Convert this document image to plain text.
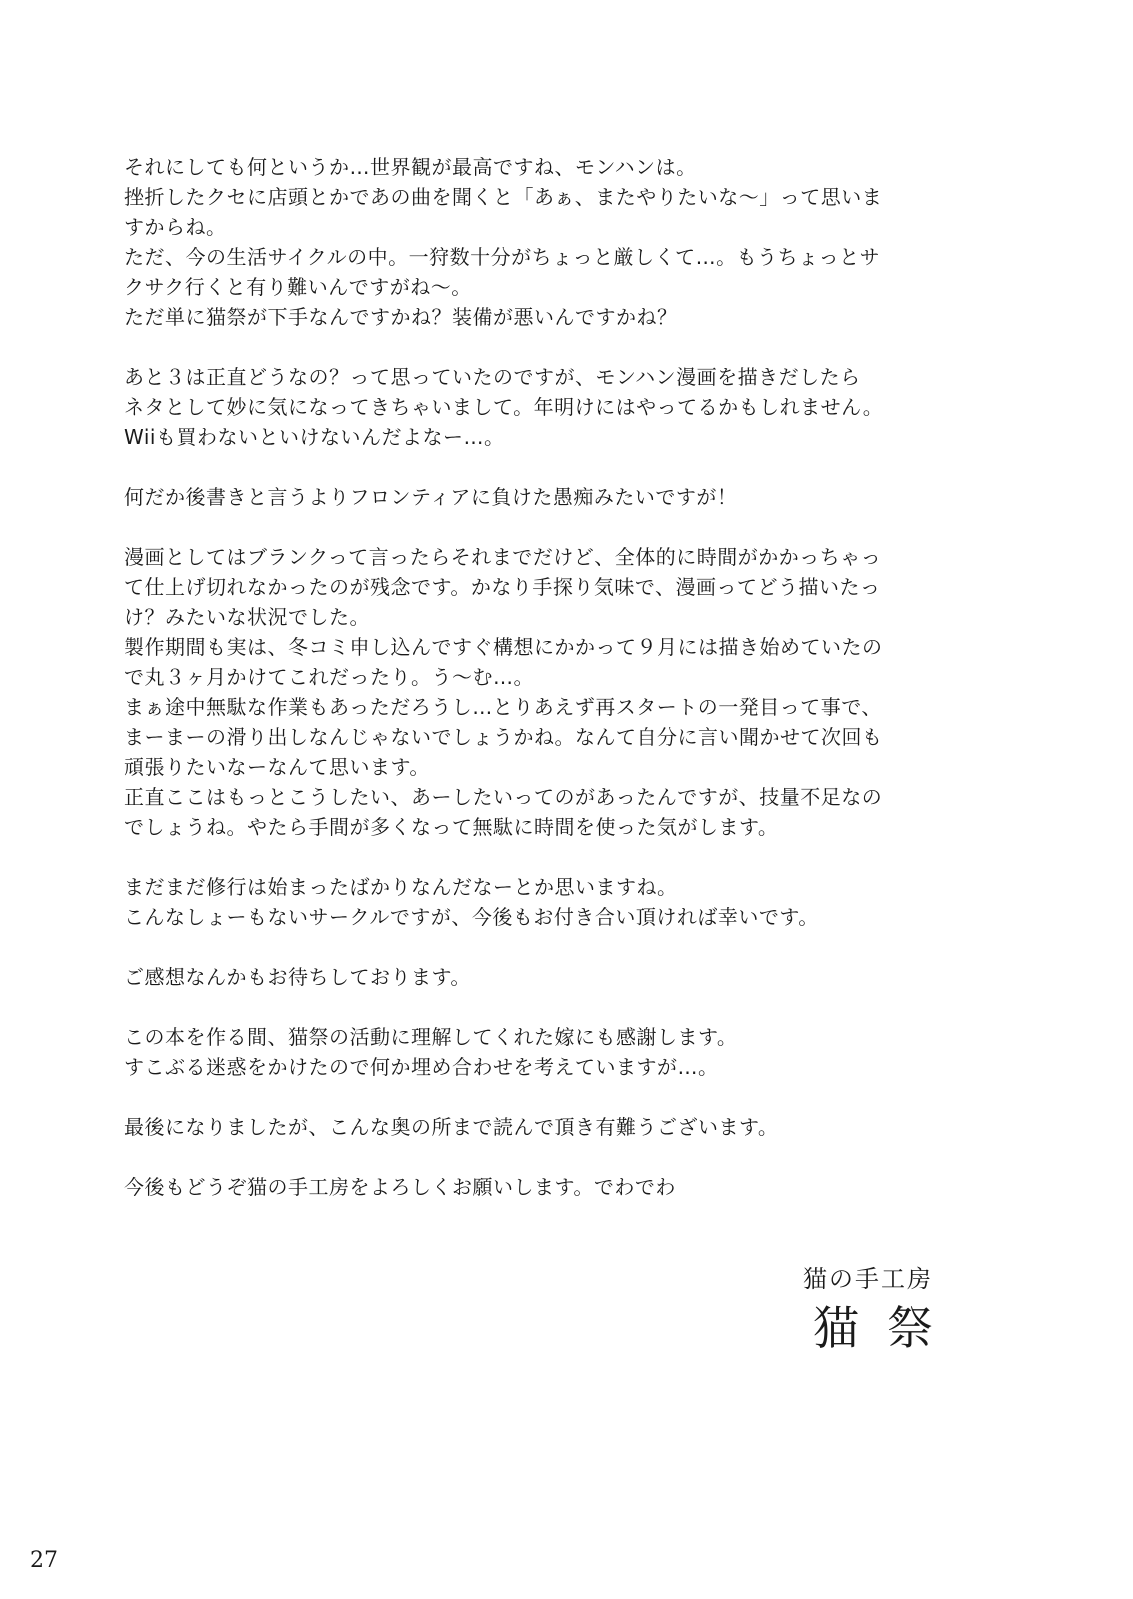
それにしても何というか…世界観が最高ですね、モンハンは。
挫折したクセに店頭とかであの曲を聞くと「あぁ、またやりたいな～」って思いま
すからね。
ただ、今の生活サイクルの中。一狩数十分がちょっと厳しくて…。もうちょっとサ
クサク行くと有り難いんですがね～。
ただ単に猫祭が下手なんですかね？装備が悪いんですかね？
あと３は正直どうなの？って思っていたのですが、モンハン漫画を描きだしたら
ネタとして妙に気になってきちゃいまして。年明けにはやってるかもしれません。
Wiiも買わないといけないんだよなー…。
何だか後書きと言うよりフロンティアに負けた愚痴みたいですが！
漫画としてはブランクって言ったらそれまでだけど、全体的に時間がかかっちゃっ
て仕上げ切れなかったのが残念です。かなり手探り気味で、漫画ってどう描いたっ
け？みたいな状況でした。
製作期間も実は、冬コミ申し込んですぐ構想にかかって９月には描き始めていたの
で丸３ヶ月かけてこれだったり。う～む…。
まぁ途中無駄な作業もあっただろうし…とりあえず再スタートの一発目って事で、
まーまーの滑り出しなんじゃないでしょうかね。なんて自分に言い聞かせて次回も
頑張りたいなーなんて思います。
正直ここはもっとこうしたい、あーしたいってのがあったんですが、技量不足なの
でしょうね。やたら手間が多くなって無駄に時間を使った気がします。
まだまだ修行は始まったばかりなんだなーとか思いますね。
こんなしょーもないサークルですが、今後もお付き合い頂ければ幸いです。
ご感想なんかもお待ちしております。
この本を作る間、猫祭の活動に理解してくれた嫁にも感謝します。
すこぶる迷惑をかけたので何か埋め合わせを考えていますが…。
最後になりましたが、こんな奥の所まで読んで頂き有難うございます。
今後もどうぞ猫の手工房をよろしくお願いします。でわでわ
猫の手工房
猫祭
27
